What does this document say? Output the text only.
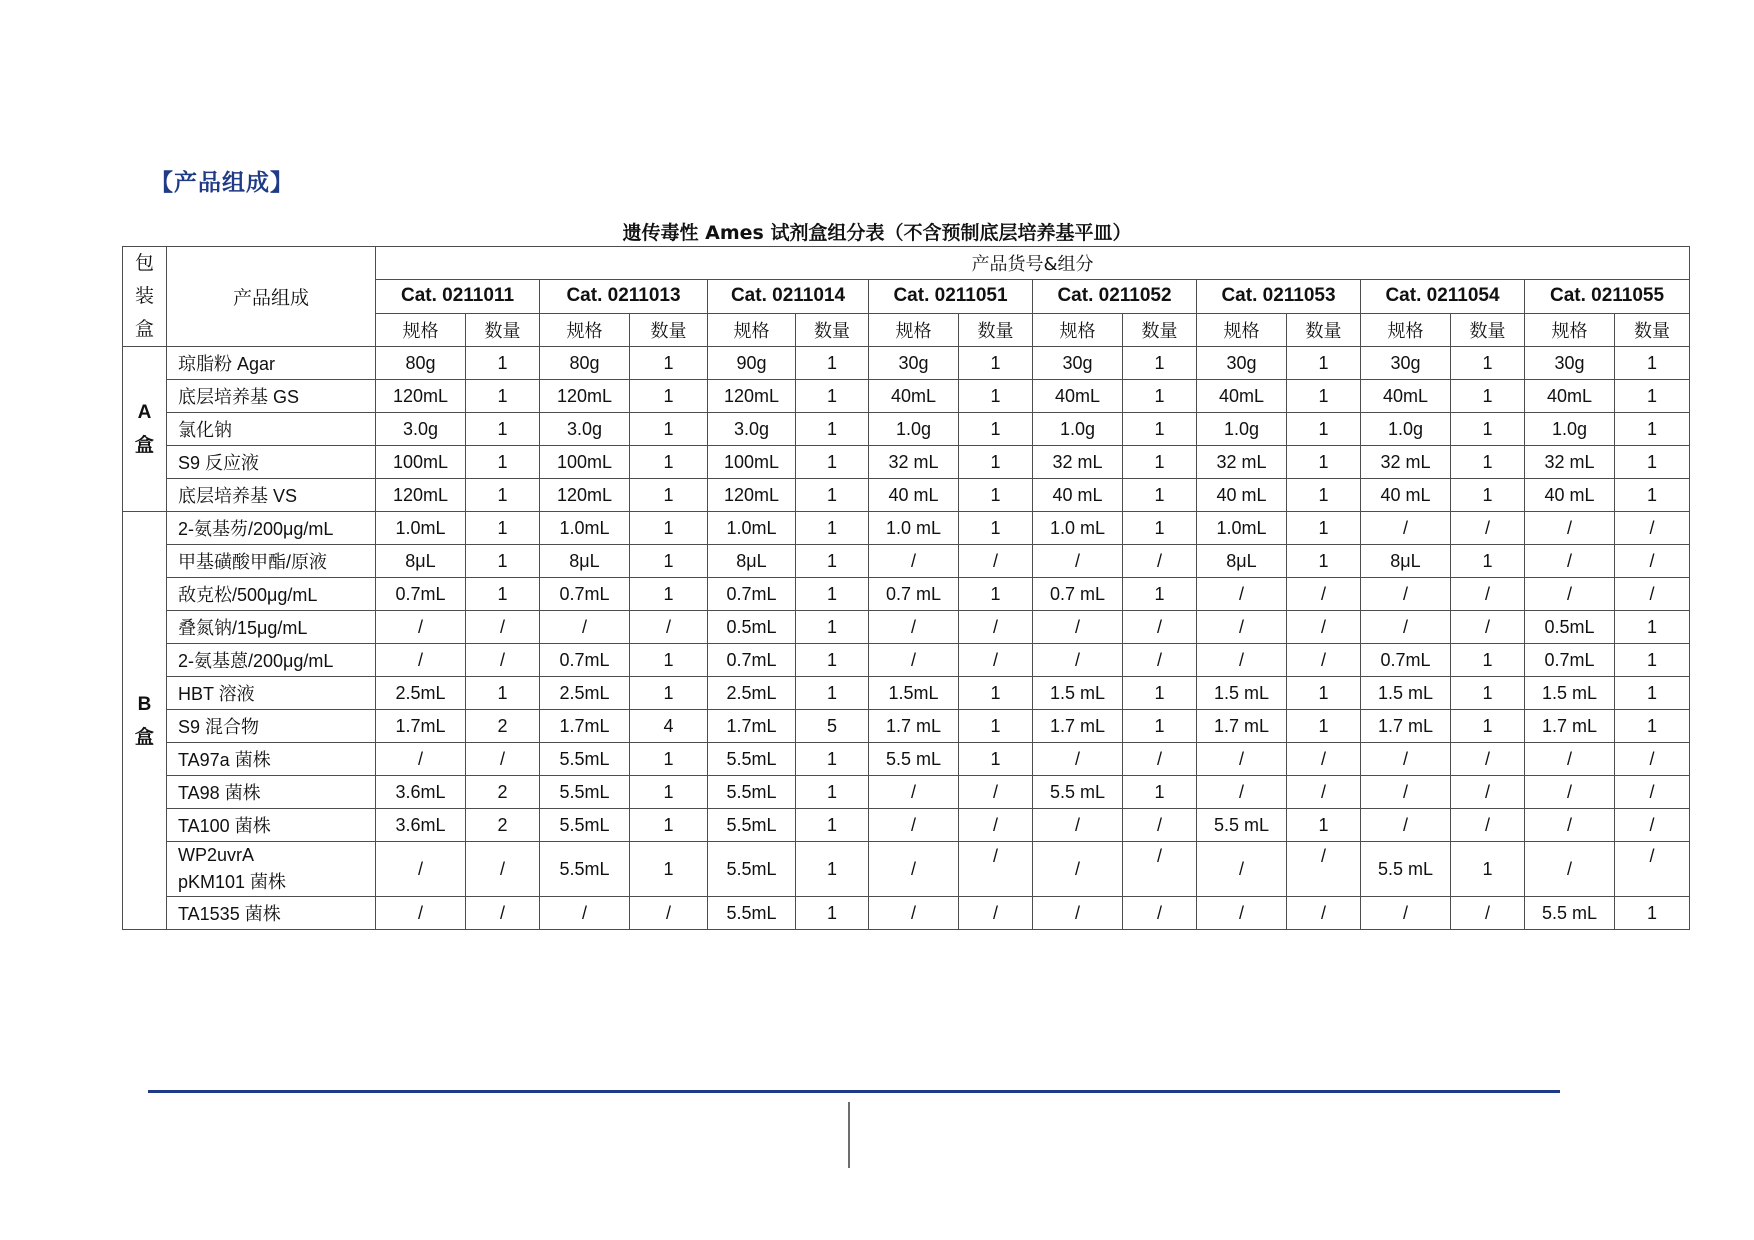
【产品组成】
遗传毒性 Ames 试剂盒组分表（不含预制底层培养基平皿）
包
装
盒	产品组成	产品货号&组分															
		Cat. 0211011		Cat. 0211013		Cat. 0211014		Cat. 0211051		Cat. 0211052		Cat. 0211053		Cat. 0211054		Cat. 0211055	
		规格	数量	规格	数量	规格	数量	规格	数量	规格	数量	规格	数量	规格	数量	规格	数量
A
盒	琼脂粉 Agar	80g	1	80g	1	90g	1	30g	1	30g	1	30g	1	30g	1	30g	1
	底层培养基 GS	120mL	1	120mL	1	120mL	1	40mL	1	40mL	1	40mL	1	40mL	1	40mL	1
	氯化钠	3.0g	1	3.0g	1	3.0g	1	1.0g	1	1.0g	1	1.0g	1	1.0g	1	1.0g	1
	S9 反应液	100mL	1	100mL	1	100mL	1	32 mL	1	32 mL	1	32 mL	1	32 mL	1	32 mL	1
	底层培养基 VS	120mL	1	120mL	1	120mL	1	40 mL	1	40 mL	1	40 mL	1	40 mL	1	40 mL	1
B
盒	2-氨基芴/200μg/mL	1.0mL	1	1.0mL	1	1.0mL	1	1.0 mL	1	1.0 mL	1	1.0mL	1	/	/	/	/
	甲基磺酸甲酯/原液	8μL	1	8μL	1	8μL	1	/	/	/	/	8μL	1	8μL	1	/	/
	敌克松/500μg/mL	0.7mL	1	0.7mL	1	0.7mL	1	0.7 mL	1	0.7 mL	1	/	/	/	/	/	/
	叠氮钠/15μg/mL	/	/	/	/	0.5mL	1	/	/	/	/	/	/	/	/	0.5mL	1
	2-氨基蒽/200μg/mL	/	/	0.7mL	1	0.7mL	1	/	/	/	/	/	/	0.7mL	1	0.7mL	1
	HBT 溶液	2.5mL	1	2.5mL	1	2.5mL	1	1.5mL	1	1.5 mL	1	1.5 mL	1	1.5 mL	1	1.5 mL	1
	S9 混合物	1.7mL	2	1.7mL	4	1.7mL	5	1.7 mL	1	1.7 mL	1	1.7 mL	1	1.7 mL	1	1.7 mL	1
	TA97a 菌株	/	/	5.5mL	1	5.5mL	1	5.5 mL	1	/	/	/	/	/	/	/	/
	TA98 菌株	3.6mL	2	5.5mL	1	5.5mL	1	/	/	5.5 mL	1	/	/	/	/	/	/
	TA100 菌株	3.6mL	2	5.5mL	1	5.5mL	1	/	/	/	/	5.5 mL	1	/	/	/	/
	WP2uvrA
pKM101 菌株	/	/	5.5mL	1	5.5mL	1	/	/	/	/	/	/	5.5 mL	1	/	/
	TA1535 菌株	/	/	/	/	5.5mL	1	/	/	/	/	/	/	/	/	5.5 mL	1
